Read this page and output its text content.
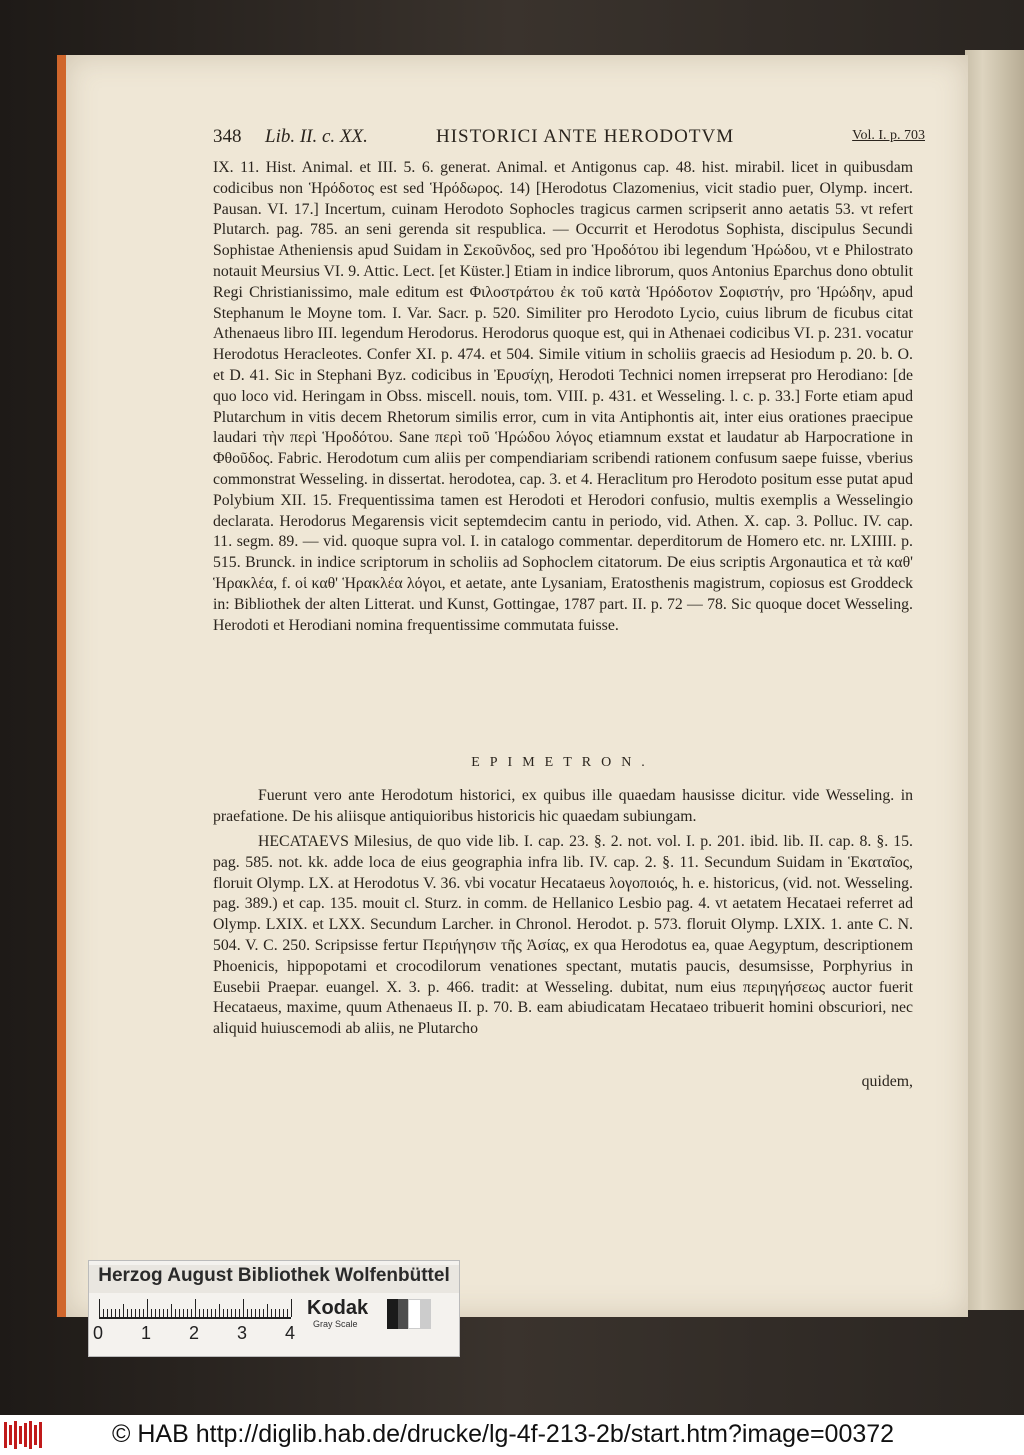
348 Lib. II. c. XX.	HISTORICI ANTE HERODOTVM	Vol. I. p. 703

IX. 11. Hist. Animal. et III. 5. 6. generat. Animal. et Antigonus cap. 48. hist. mirabil. licet in quibusdam codicibus non Ἡρόδοτος est sed Ἡρόδωρος. 14) [Herodotus Clazomenius, vicit stadio puer, Olymp. incert. Pausan. VI. 17.] Incertum, cuinam Herodoto Sophocles tragicus carmen scripserit anno aetatis 53. vt refert Plutarch. pag. 785. an seni gerenda sit respublica. — Occurrit et Herodotus Sophista, discipulus Secundi Sophistae Atheniensis apud Suidam in Σεκοῦνδος, sed pro Ἡροδότου ibi legendum Ἡρώδου, vt e Philostrato notauit Meursius VI. 9. Attic. Lect. [et Küster.] Etiam in indice librorum, quos Antonius Eparchus dono obtulit Regi Christianissimo, male editum est Φιλοστράτου ἐκ τοῦ κατὰ Ἡρόδοτον Σοφιστήν, pro Ἡρώδην, apud Stephanum le Moyne tom. I. Var. Sacr. p. 520. Similiter pro Herodoto Lycio, cuius librum de ficubus citat Athenaeus libro III. legendum Herodorus. Herodorus quoque est, qui in Athenaei codicibus VI. p. 231. vocatur Herodotus Heracleotes. Confer XI. p. 474. et 504. Simile vitium in scholiis graecis ad Hesiodum p. 20. b. O. et D. 41. Sic in Stephani Byz. codicibus in Ἐρυσίχη, Herodoti Technici nomen irrepserat pro Herodiano: [de quo loco vid. Heringam in Obss. miscell. nouis, tom. VIII. p. 431. et Wesseling. l. c. p. 33.] Forte etiam apud Plutarchum in vitis decem Rhetorum similis error, cum in vita Antiphontis ait, inter eius orationes praecipue laudari τὴν περὶ Ἡροδότου. Sane περὶ τοῦ Ἡρώδου λόγος etiamnum exstat et laudatur ab Harpocratione in Φθοῦδος. Fabric. Herodotum cum aliis per compendiariam scribendi rationem confusum saepe fuisse, vberius commonstrat Wesseling. in dissertat. herodotea, cap. 3. et 4. Heraclitum pro Herodoto positum esse putat apud Polybium XII. 15. Frequentissima tamen est Herodoti et Herodori confusio, multis exemplis a Wesselingio declarata. Herodorus Megarensis vicit septemdecim cantu in periodo, vid. Athen. X. cap. 3. Polluc. IV. cap. 11. segm. 89. — vid. quoque supra vol. I. in catalogo commentar. deperditorum de Homero etc. nr. LXIIII. p. 515. Brunck. in indice scriptorum in scholiis ad Sophoclem citatorum. De eius scriptis Argonautica et τὰ καθ' Ἡρακλέα, f. οἱ καθ' Ἡρακλέα λόγοι, et aetate, ante Lysaniam, Eratosthenis magistrum, copiosus est Groddeck in: Bibliothek der alten Litterat. und Kunst, Gottingae, 1787 part. II. p. 72 — 78. Sic quoque docet Wesseling. Herodoti et Herodiani nomina frequentissime commutata fuisse.

EPIMETRON.

Fuerunt vero ante Herodotum historici, ex quibus ille quaedam hausisse dicitur. vide Wesseling. in praefatione. De his aliisque antiquioribus historicis hic quaedam subiungam.

HECATAEVS Milesius, de quo vide lib. I. cap. 23. §. 2. not. vol. I. p. 201. ibid. lib. II. cap. 8. §. 15. pag. 585. not. kk. adde loca de eius geographia infra lib. IV. cap. 2. §. 11. Secundum Suidam in Ἑκαταῖος, floruit Olymp. LX. at Herodotus V. 36. vbi vocatur Hecataeus λογοποιός, h. e. historicus, (vid. not. Wesseling. pag. 389.) et cap. 135. mouit cl. Sturz. in comm. de Hellanico Lesbio pag. 4. vt aetatem Hecataei referret ad Olymp. LXIX. et LXX. Secundum Larcher. in Chronol. Herodot. p. 573. floruit Olymp. LXIX. 1. ante C. N. 504. V. C. 250. Scripsisse fertur Περιήγησιν τῆς Ἀσίας, ex qua Herodotus ea, quae Aegyptum, descriptionem Phoenicis, hippopotami et crocodilorum venationes spectant, mutatis paucis, desumsisse, Porphyrius in Eusebii Praepar. euangel. X. 3. p. 466. tradit: at Wesseling. dubitat, num eius περιηγήσεως auctor fuerit Hecataeus, maxime, quum Athenaeus II. p. 70. B. eam abiudicatam Hecataeo tribuerit homini obscuriori, nec aliquid huiuscemodi ab aliis, ne Plutarcho

quidem,
Herzog August Bibliothek Wolfenbüttel
0 1 2 3 4
Kodak
Gray Scale
© HAB http://diglib.hab.de/drucke/lg-4f-213-2b/start.htm?image=00372
